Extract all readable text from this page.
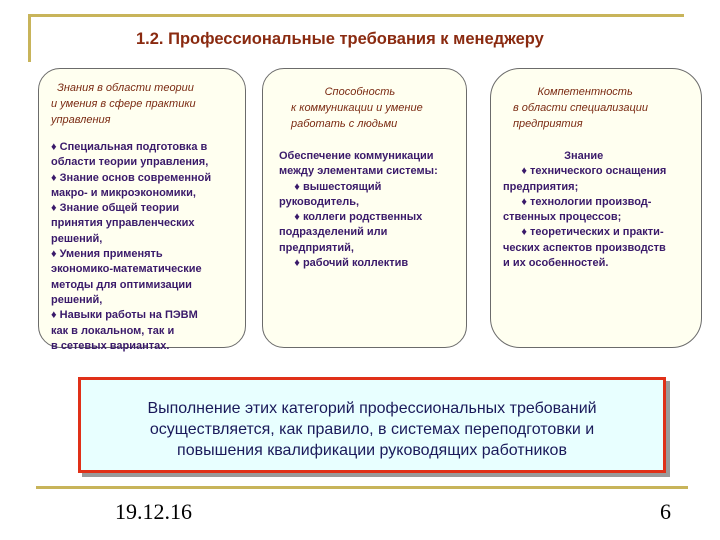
1.2. Профессиональные требования к менеджеру
Знания в области теории
и умения в сфере практики
управления
♦ Специальная подготовка в
области теории управления,
♦ Знание основ современной
макро- и микроэкономики,
♦ Знание общей теории
принятия управленческих
решений,
♦ Умения применять
экономико-математические
методы для оптимизации
решений,
♦ Навыки работы на ПЭВМ
как в локальном, так и
в сетевых вариантах.
Способность
к коммуникации и умение
работать с людьми
Обеспечение коммуникации
между элементами системы:
♦ вышестоящий
руководитель,
♦ коллеги родственных
подразделений или
предприятий,
♦ рабочий коллектив
Компетентность
в области специализации
предприятия
Знание
♦ технического оснащения
предприятия;
♦ технологии производ-
ственных процессов;
♦ теоретических и практи-
ческих аспектов производств
и их особенностей.
Выполнение этих категорий профессиональных требований
осуществляется, как правило, в системах переподготовки и
повышения квалификации руководящих работников
19.12.16	6
